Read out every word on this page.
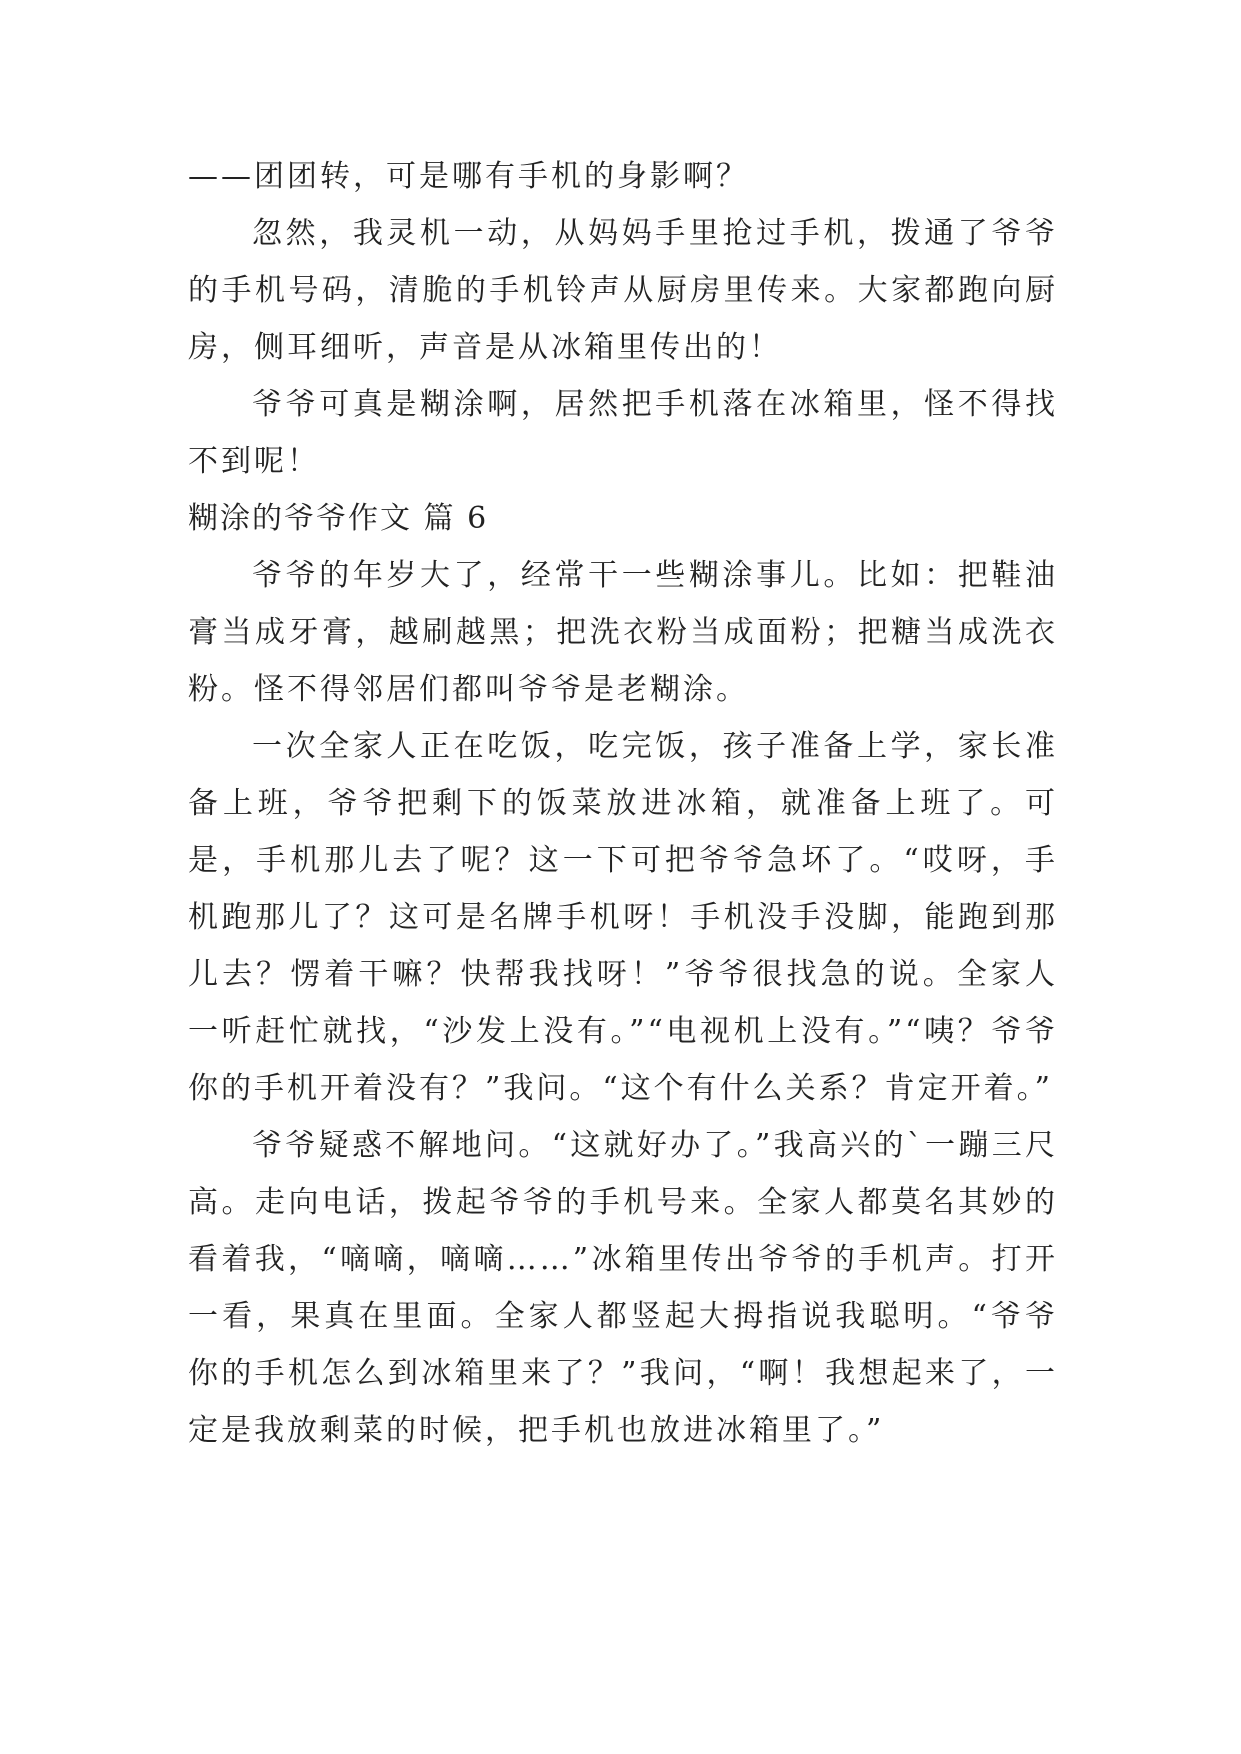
——团团转，可是哪有手机的身影啊？

忽然，我灵机一动，从妈妈手里抢过手机，拨通了爷爷的手机号码，清脆的手机铃声从厨房里传来。大家都跑向厨房，侧耳细听，声音是从冰箱里传出的！

爷爷可真是糊涂啊，居然把手机落在冰箱里，怪不得找不到呢！

糊涂的爷爷作文 篇 6

爷爷的年岁大了，经常干一些糊涂事儿。比如：把鞋油膏当成牙膏，越刷越黑；把洗衣粉当成面粉；把糖当成洗衣粉。怪不得邻居们都叫爷爷是老糊涂。

一次全家人正在吃饭，吃完饭，孩子准备上学，家长准备上班，爷爷把剩下的饭菜放进冰箱，就准备上班了。可是，手机那儿去了呢？这一下可把爷爷急坏了。“哎呀，手机跑那儿了？这可是名牌手机呀！手机没手没脚，能跑到那儿去？愣着干嘛？快帮我找呀！”爷爷很找急的说。全家人一听赶忙就找，“沙发上没有。”“电视机上没有。”“咦？爷爷你的手机开着没有？”我问。“这个有什么关系？肯定开着。”

爷爷疑惑不解地问。“这就好办了。”我高兴的`一蹦三尺高。走向电话，拨起爷爷的手机号来。全家人都莫名其妙的看着我，“嘀嘀，嘀嘀……”冰箱里传出爷爷的手机声。打开一看，果真在里面。全家人都竖起大拇指说我聪明。“爷爷你的手机怎么到冰箱里来了？”我问，“啊！我想起来了，一定是我放剩菜的时候，把手机也放进冰箱里了。”
